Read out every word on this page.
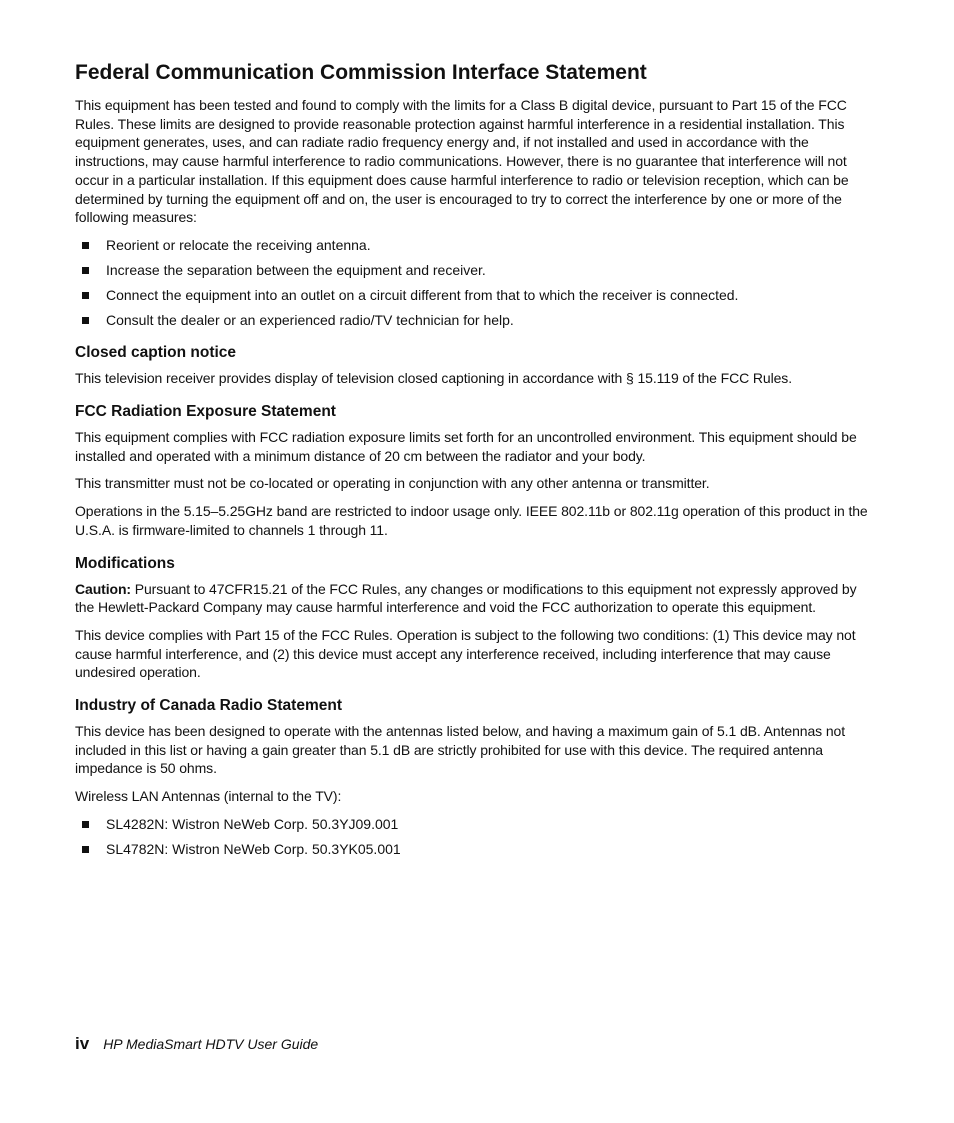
Federal Communication Commission Interface Statement

This equipment has been tested and found to comply with the limits for a Class B digital device, pursuant to Part 15 of the FCC Rules. These limits are designed to provide reasonable protection against harmful interference in a residential installation. This equipment generates, uses, and can radiate radio frequency energy and, if not installed and used in accordance with the instructions, may cause harmful interference to radio communications. However, there is no guarantee that interference will not occur in a particular installation. If this equipment does cause harmful interference to radio or television reception, which can be determined by turning the equipment off and on, the user is encouraged to try to correct the interference by one or more of the following measures:

Reorient or relocate the receiving antenna.
Increase the separation between the equipment and receiver.
Connect the equipment into an outlet on a circuit different from that to which the receiver is connected.
Consult the dealer or an experienced radio/TV technician for help.
Closed caption notice

This television receiver provides display of television closed captioning in accordance with § 15.119 of the FCC Rules.

FCC Radiation Exposure Statement

This equipment complies with FCC radiation exposure limits set forth for an uncontrolled environment. This equipment should be installed and operated with a minimum distance of 20 cm between the radiator and your body.

This transmitter must not be co-located or operating in conjunction with any other antenna or transmitter.

Operations in the 5.15–5.25GHz band are restricted to indoor usage only. IEEE 802.11b or 802.11g operation of this product in the U.S.A. is firmware-limited to channels 1 through 11.

Modifications

Caution: Pursuant to 47CFR15.21 of the FCC Rules, any changes or modifications to this equipment not expressly approved by the Hewlett-Packard Company may cause harmful interference and void the FCC authorization to operate this equipment.

This device complies with Part 15 of the FCC Rules. Operation is subject to the following two conditions: (1) This device may not cause harmful interference, and (2) this device must accept any interference received, including interference that may cause undesired operation.

Industry of Canada Radio Statement

This device has been designed to operate with the antennas listed below, and having a maximum gain of 5.1 dB. Antennas not included in this list or having a gain greater than 5.1 dB are strictly prohibited for use with this device. The required antenna impedance is 50 ohms.

Wireless LAN Antennas (internal to the TV):

SL4282N: Wistron NeWeb Corp. 50.3YJ09.001
SL4782N: Wistron NeWeb Corp. 50.3YK05.001
iv HP MediaSmart HDTV User Guide
